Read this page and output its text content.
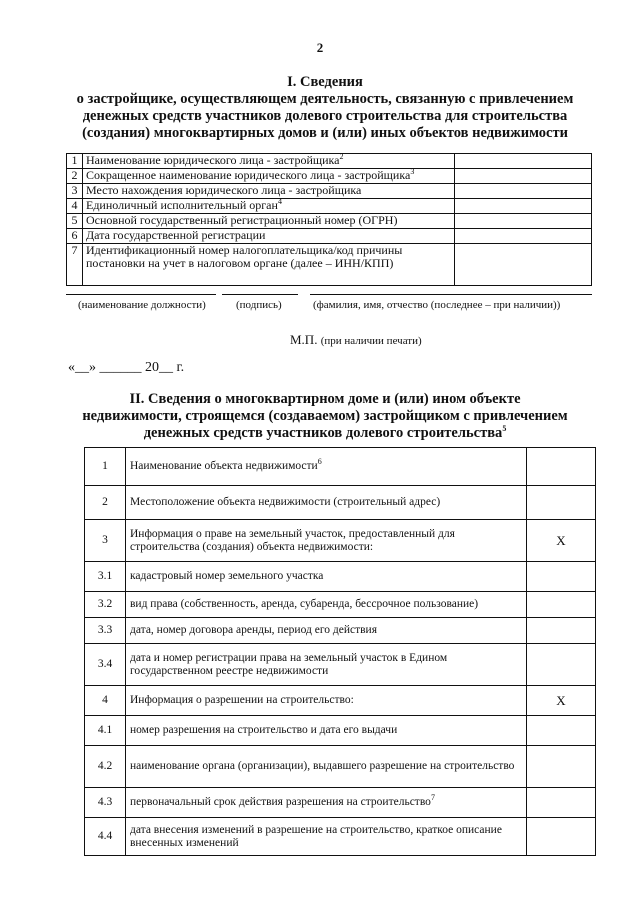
2
I. Сведения
о застройщике, осуществляющем деятельность, связанную с привлечением
денежных средств участников долевого строительства для строительства
(создания) многоквартирных домов и (или) иных объектов недвижимости
1	Наименование юридического лица - застройщика$^2$	
2	Сокращенное наименование юридического лица - застройщика$^3$	
3	Место нахождения юридического лица - застройщика	
4	Единоличный исполнительный орган$^4$	
5	Основной государственный регистрационный номер (ОГРН)	
6	Дата государственной регистрации	
7	Идентификационный номер налогоплательщика/код причины постановки на учет в налоговом органе (далее – ИНН/КПП)	
(наименование должности)	(подпись)	(фамилия, имя, отчество (последнее – при наличии))
М.П. (при наличии печати)
«__» ______ 20__ г.
II. Сведения о многоквартирном доме и (или) ином объекте
недвижимости, строящемся (создаваемом) застройщиком с привлечением
денежных средств участников долевого строительства$^5$
1	Наименование объекта недвижимости$^6$	
2	Местоположение объекта недвижимости (строительный адрес)	
3	Информация о праве на земельный участок, предоставленный для строительства (создания) объекта недвижимости:	Х
3.1	кадастровый номер земельного участка	
3.2	вид права (собственность, аренда, субаренда, бессрочное пользование)	
3.3	дата, номер договора аренды, период его действия	
3.4	дата и номер регистрации права на земельный участок в Едином государственном реестре недвижимости	
4	Информация о разрешении на строительство:	Х
4.1	номер разрешения на строительство и дата его выдачи	
4.2	наименование органа (организации), выдавшего разрешение на строительство	
4.3	первоначальный срок действия разрешения на строительство$^7$	
4.4	дата внесения изменений в разрешение на строительство, краткое описание внесенных изменений	
